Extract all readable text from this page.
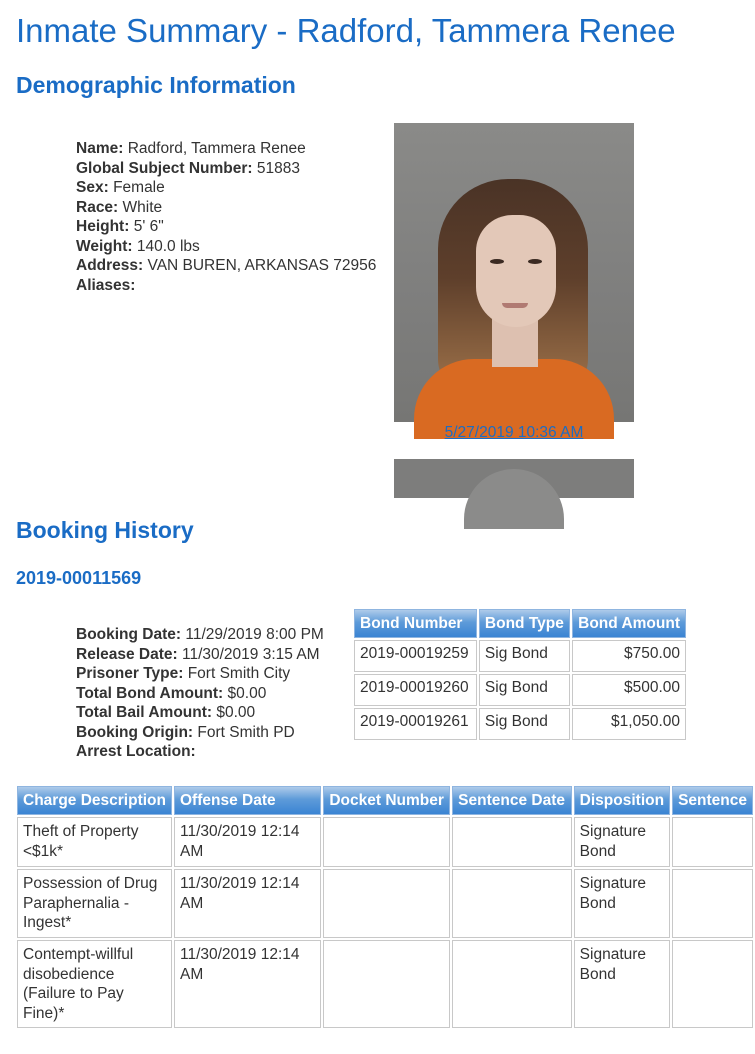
Inmate Summary - Radford, Tammera Renee
Demographic Information
Name: Radford, Tammera Renee
Global Subject Number: 51883
Sex: Female
Race: White
Height: 5' 6"
Weight: 140.0 lbs
Address: VAN BUREN, ARKANSAS 72956
Aliases:
5/27/2019 10:36 AM
Booking History
2019-00011569
Booking Date: 11/29/2019 8:00 PM
Release Date: 11/30/2019 3:15 AM
Prisoner Type: Fort Smith City
Total Bond Amount: $0.00
Total Bail Amount: $0.00
Booking Origin: Fort Smith PD
Arrest Location:
Bond Number	Bond Type	Bond Amount
2019-00019259	Sig Bond	$750.00
2019-00019260	Sig Bond	$500.00
2019-00019261	Sig Bond	$1,050.00
Charge Description	Offense Date	Docket Number	Sentence Date	Disposition	Sentence
Theft of Property <$1k*	11/30/2019 12:14 AM			Signature Bond	
Possession of Drug Paraphernalia - Ingest*	11/30/2019 12:14 AM			Signature Bond	
Contempt-willful disobedience (Failure to Pay Fine)*	11/30/2019 12:14 AM			Signature Bond	
